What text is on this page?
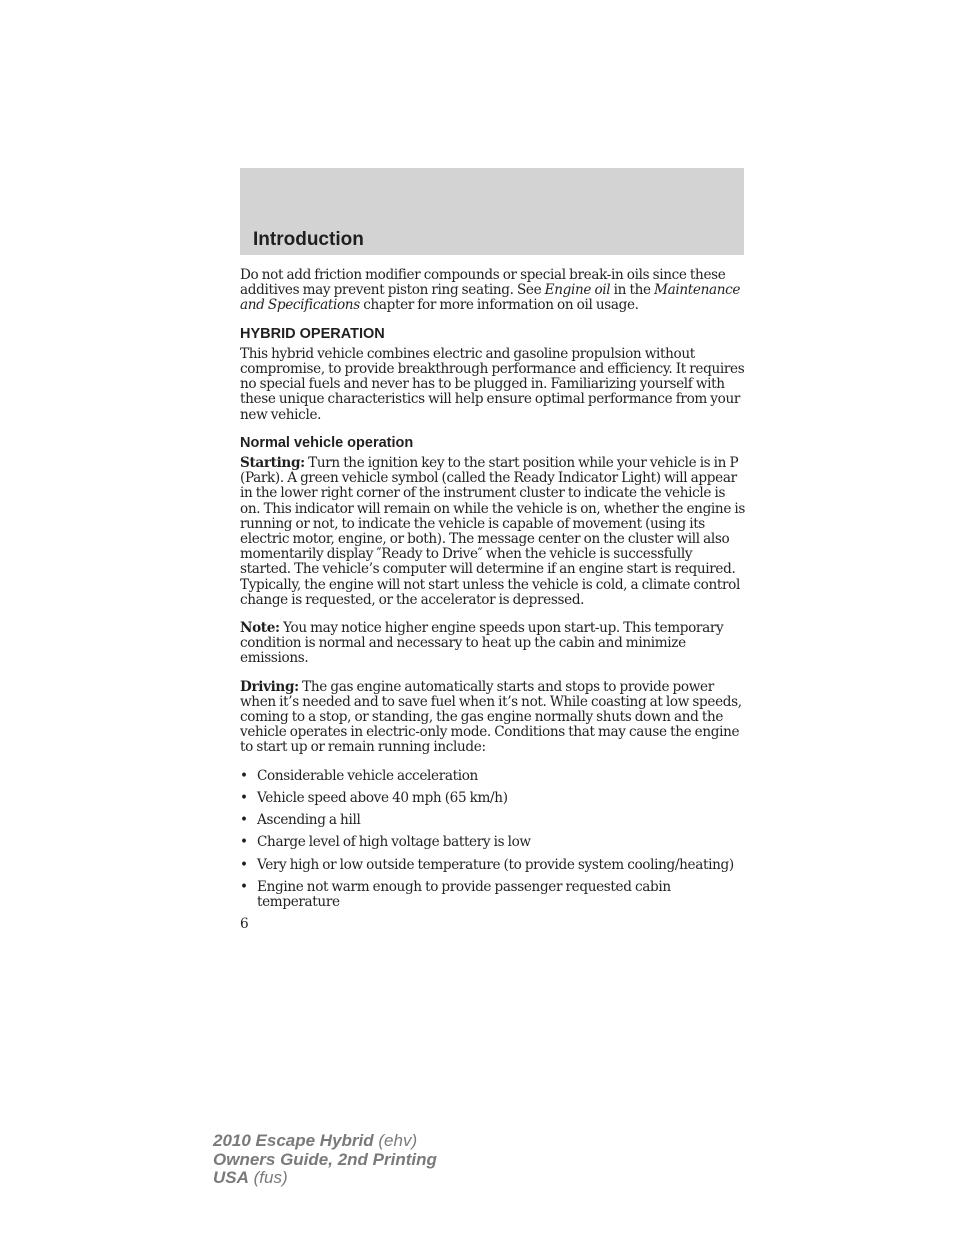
Introduction

Do not add friction modifier compounds or special break-in oils since these additives may prevent piston ring seating. See Engine oil in the Maintenance and Specifications chapter for more information on oil usage.

HYBRID OPERATION

This hybrid vehicle combines electric and gasoline propulsion without compromise, to provide breakthrough performance and efficiency. It requires no special fuels and never has to be plugged in. Familiarizing yourself with these unique characteristics will help ensure optimal performance from your new vehicle.

Normal vehicle operation

Starting: Turn the ignition key to the start position while your vehicle is in P (Park). A green vehicle symbol (called the Ready Indicator Light) will appear in the lower right corner of the instrument cluster to indicate the vehicle is on. This indicator will remain on while the vehicle is on, whether the engine is running or not, to indicate the vehicle is capable of movement (using its electric motor, engine, or both). The message center on the cluster will also momentarily display ″Ready to Drive″ when the vehicle is successfully started. The vehicle’s computer will determine if an engine start is required. Typically, the engine will not start unless the vehicle is cold, a climate control change is requested, or the accelerator is depressed.

Note: You may notice higher engine speeds upon start-up. This temporary condition is normal and necessary to heat up the cabin and minimize emissions.

Driving: The gas engine automatically starts and stops to provide power when it’s needed and to save fuel when it’s not. While coasting at low speeds, coming to a stop, or standing, the gas engine normally shuts down and the vehicle operates in electric-only mode. Conditions that may cause the engine to start up or remain running include:

• Considerable vehicle acceleration
• Vehicle speed above 40 mph (65 km/h)
• Ascending a hill
• Charge level of high voltage battery is low
• Very high or low outside temperature (to provide system cooling/heating)
• Engine not warm enough to provide passenger requested cabin temperature
6
2010 Escape Hybrid (ehv)
Owners Guide, 2nd Printing
USA (fus)
